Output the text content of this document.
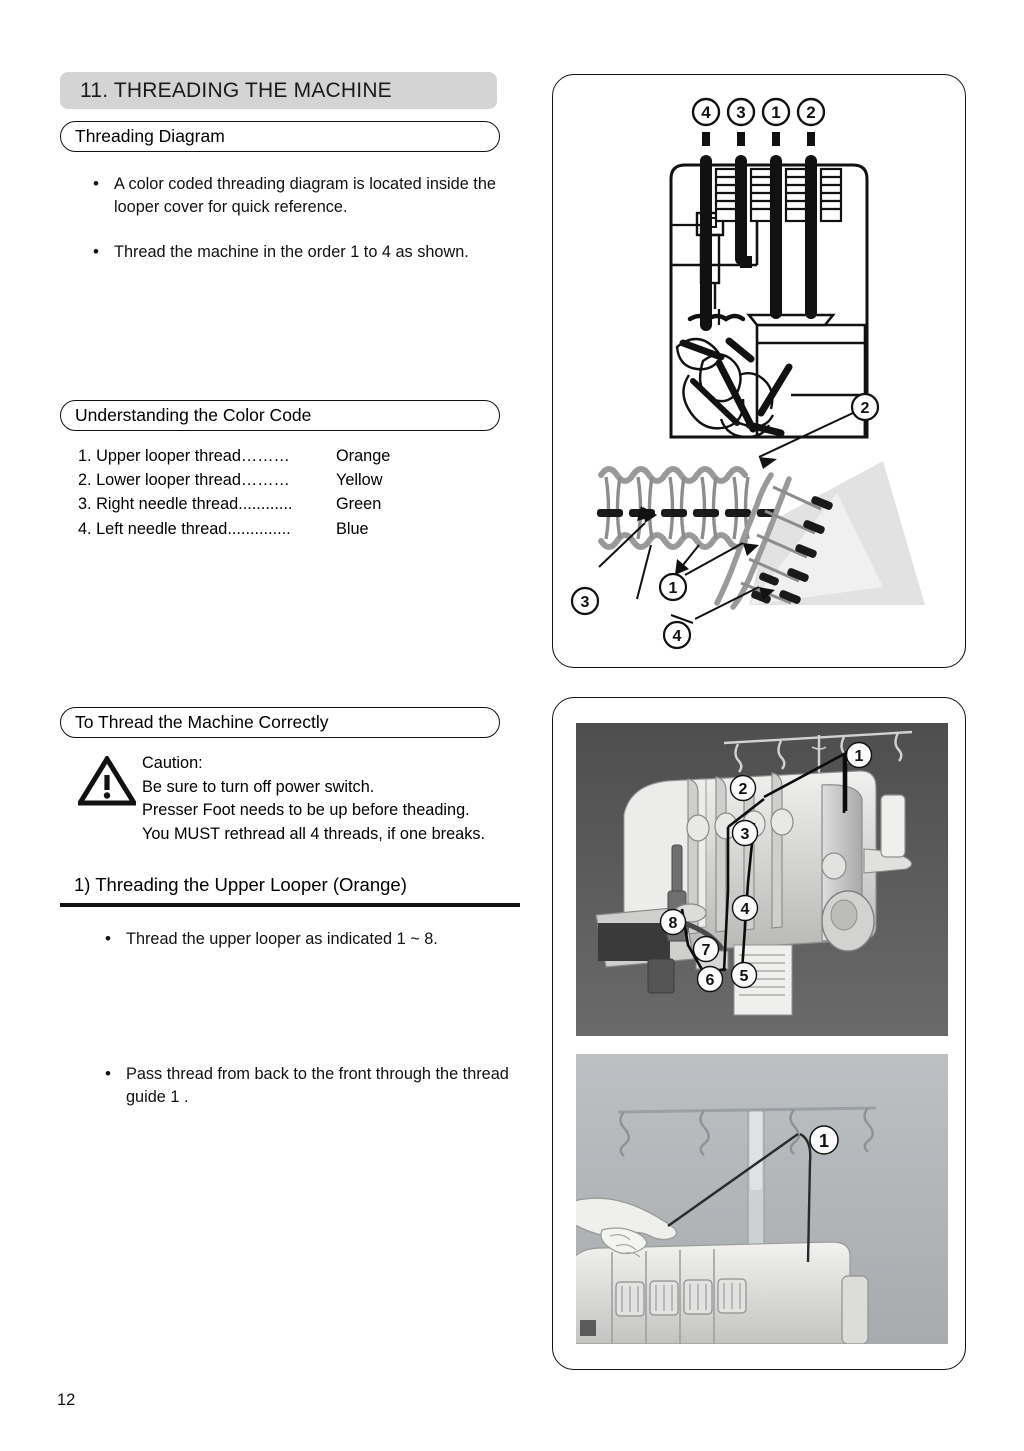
11. THREADING THE MACHINE
Threading Diagram
• A color coded threading diagram is located inside the looper cover for quick reference.
• Thread the machine in the order 1 to 4 as shown.
Understanding the Color Code
1. Upper looper thread………	Orange
2. Lower looper thread………	Yellow
3. Right needle thread............	Green
4. Left needle thread..............	Blue
To Thread the Machine Correctly
Caution:
Be sure to turn off power switch.
Presser Foot needs to be up before theading.
You MUST rethread all 4 threads, if one breaks.
1) Threading the Upper Looper (Orange)
• Thread the upper looper as indicated 1 ~ 8.
• Pass thread from back to the front through the thread guide 1 .
12
4 3 1 2
2
1
3
4
1
2
3
4
5
6
7
8
1
